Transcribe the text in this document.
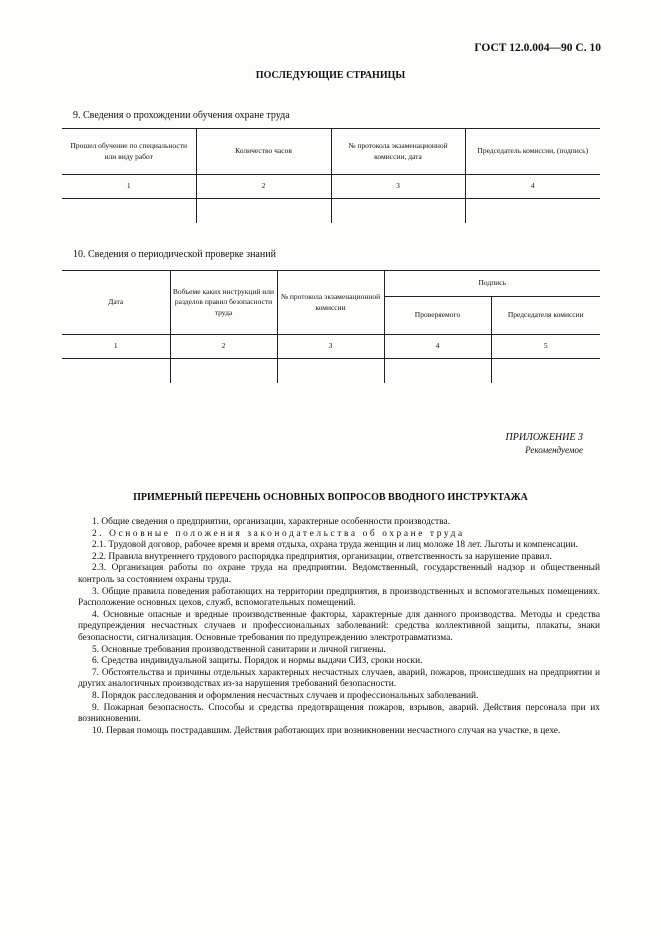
ГОСТ 12.0.004—90 С. 10
ПОСЛЕДУЮЩИЕ СТРАНИЦЫ
9. Сведения о прохождении обучения охране труда
Прошел обучение по специальности или виду работ	Количество часов	№ протокола экзаменационной комиссии, дата	Председатель комиссии, (подпись)
1	2	3	4

10. Сведения о периодической проверке знаний
Дата	Вобъеме каких инструкций или разделов правил безопасности труда	№ протокола экзаменационной комиссии	Подпись	
			Проверяемого	Председателя комиссии
1	2	3	4	5

ПРИЛОЖЕНИЕ 3
Рекомендуемое
ПРИМЕРНЫЙ ПЕРЕЧЕНЬ ОСНОВНЫХ ВОПРОСОВ ВВОДНОГО ИНСТРУКТАЖА

1. Общие сведения о предприятии, организации, характерные особенности производства.

2. Основные положения законодательства об охране труда

2.1. Трудовой договор, рабочее время и время отдыха, охрана труда женщин и лиц моложе 18 лет. Льготы и компенсации.

2.2. Правила внутреннего трудового распорядка предприятия, организации, ответственность за нарушение правил.

2.3. Организация работы по охране труда на предприятии. Ведомственный, государственный надзор и общественный контроль за состоянием охраны труда.

3. Общие правила поведения работающих на территории предприятия, в производственных и вспомогательных помещениях. Расположение основных цехов, служб, вспомогательных помещений.

4. Основные опасные и вредные производственные факторы, характерные для данного производства. Методы и средства предупреждения несчастных случаев и профессиональных заболеваний: средства коллективной защиты, плакаты, знаки безопасности, сигнализация. Основные требования по предупреждению электротравматизма.

5. Основные требования производственной санитарии и личной гигиены.

6. Средства индивидуальной защиты. Порядок и нормы выдачи СИЗ, сроки носки.

7. Обстоятельства и причины отдельных характерных несчастных случаев, аварий, пожаров, происшедших на предприятии и других аналогичных производствах из-за нарушения требований безопасности.

8. Порядок расследования и оформления несчастных случаев и профессиональных заболеваний.

9. Пожарная безопасность. Способы и средства предотвращения пожаров, взрывов, аварий. Действия персонала при их возникновении.

10. Первая помощь пострадавшим. Действия работающих при возникновении несчастного случая на участке, в цехе.
